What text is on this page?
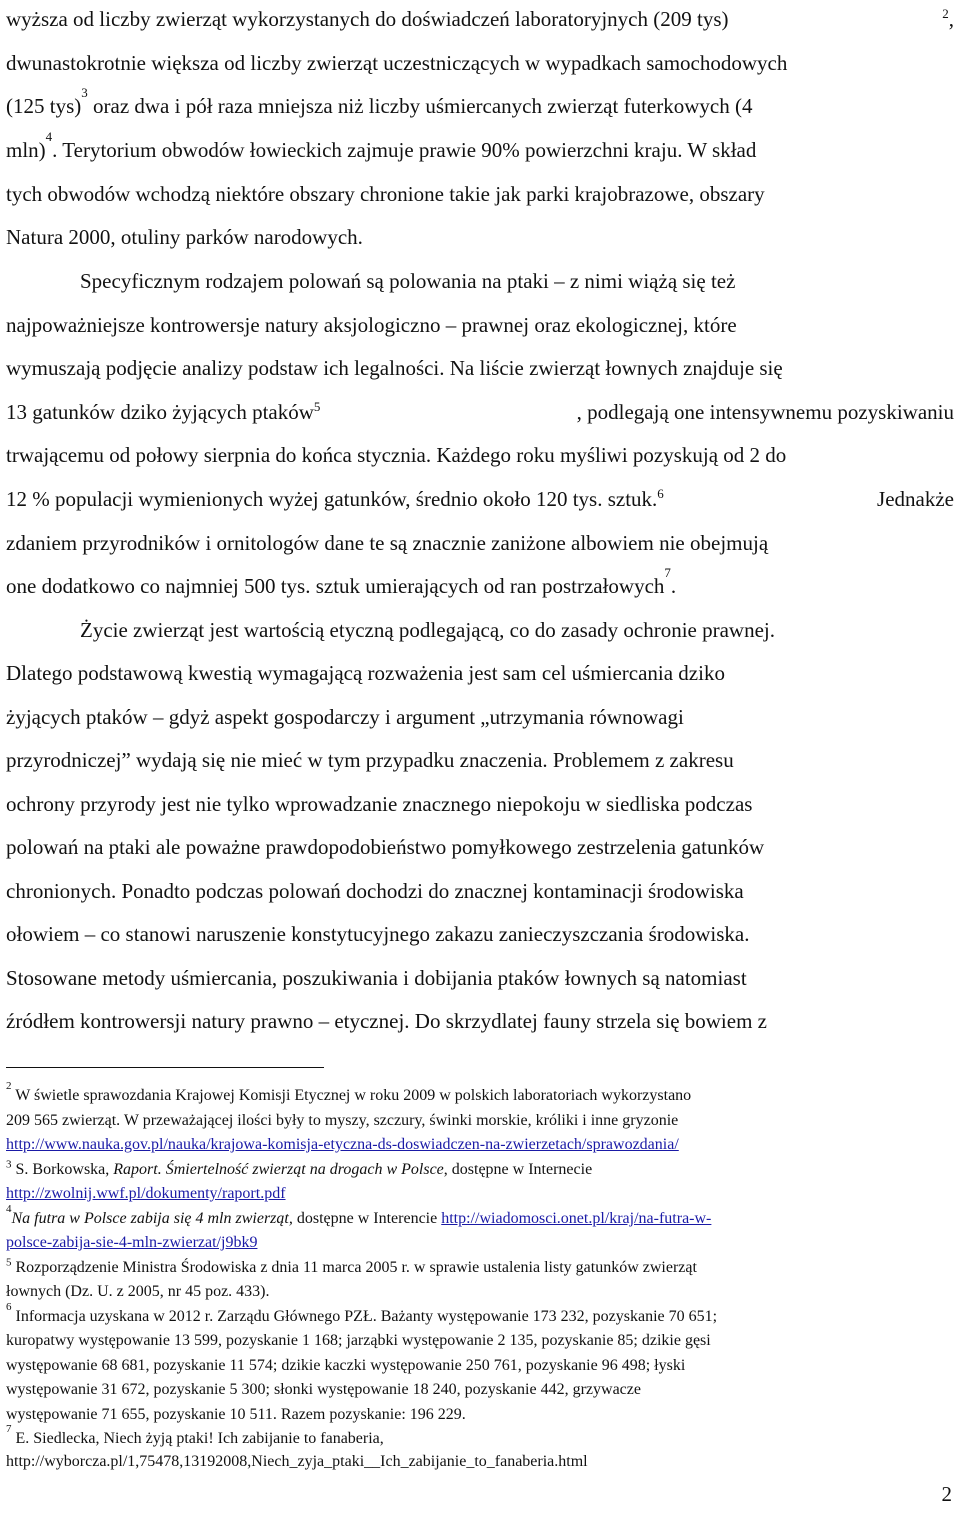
wyższa od liczby zwierząt wykorzystanych do doświadczeń laboratoryjnych (209 tys)	$^2$,
dwunastokrotnie większa od liczby zwierząt uczestniczących w wypadkach samochodowych
(125 tys)
3
oraz dwa i pół raza mniejsza niż liczby uśmiercanych zwierząt futerkowych (4
mln)
4
. Terytorium obwodów łowieckich zajmuje prawie 90% powierzchni kraju. W skład
tych obwodów wchodzą niektóre obszary chronione takie jak parki krajobrazowe, obszary
Natura 2000, otuliny parków narodowych.
Specyficznym rodzajem polowań są polowania na ptaki – z nimi wiążą się też
najpoważniejsze kontrowersje natury aksjologiczno – prawnej oraz ekologicznej, które
wymuszają podjęcie analizy podstaw ich legalności. Na liście zwierząt łownych znajduje się
13 gatunków dziko żyjących ptaków$^5$	, podlegają one intensywnemu pozyskiwaniu
trwającemu od połowy sierpnia do końca stycznia. Każdego roku myśliwi pozyskują od 2 do
12 % populacji wymienionych wyżej gatunków, średnio około 120 tys. sztuk.$^6$	Jednakże
zdaniem przyrodników i ornitologów dane te są znacznie zaniżone albowiem nie obejmują
one dodatkowo co najmniej 500 tys. sztuk umierających od ran postrzałowych
7
.
Życie zwierząt jest wartością etyczną podlegającą, co do zasady ochronie prawnej.
Dlatego podstawową kwestią wymagającą rozważenia jest sam cel uśmiercania dziko
żyjących ptaków – gdyż aspekt gospodarczy i argument „utrzymania równowagi
przyrodniczej” wydają się nie mieć w tym przypadku znaczenia. Problemem z zakresu
ochrony przyrody jest nie tylko wprowadzanie znacznego niepokoju w siedliska podczas
polowań na ptaki ale poważne prawdopodobieństwo pomyłkowego zestrzelenia gatunków
chronionych. Ponadto podczas polowań dochodzi do znacznej kontaminacji środowiska
ołowiem – co stanowi naruszenie konstytucyjnego zakazu zanieczyszczania środowiska.
Stosowane metody uśmiercania, poszukiwania i dobijania ptaków łownych są natomiast
źródłem kontrowersji natury prawno – etycznej. Do skrzydlatej fauny strzela się bowiem z
2
W świetle sprawozdania Krajowej Komisji Etycznej w roku 2009 w polskich laboratoriach wykorzystano
209 565 zwierząt. W przeważającej ilości były to myszy, szczury, świnki morskie, króliki i inne gryzonie
http://www.nauka.gov.pl/nauka/krajowa-komisja-etyczna-ds-doswiadczen-na-zwierzetach/sprawozdania/
$^3$ S. Borkowska, Raport. Śmiertelność zwierząt na drogach w Polsce, dostępne w Internecie
http://zwolnij.wwf.pl/dokumenty/raport.pdf
4
Na futra w Polsce zabija się 4 mln zwierząt, dostępne w Interencie http://wiadomosci.onet.pl/kraj/na-futra-w-
polsce-zabija-sie-4-mln-zwierzat/j9bk9
$^5$ Rozporządzenie Ministra Środowiska z dnia 11 marca 2005 r. w sprawie ustalenia listy gatunków zwierząt
łownych (Dz. U. z 2005, nr 45 poz. 433).
6
Informacja uzyskana w 2012 r. Zarządu Głównego PZŁ. Bażanty występowanie 173 232, pozyskanie 70 651;
kuropatwy występowanie 13 599, pozyskanie 1 168; jarząbki występowanie 2 135, pozyskanie 85; dzikie gęsi
występowanie 68 681, pozyskanie 11 574; dzikie kaczki występowanie 250 761, pozyskanie 96 498; łyski
występowanie 31 672, pozyskanie 5 300; słonki występowanie 18 240, pozyskanie 442, grzywacze
występowanie 71 655, pozyskanie 10 511. Razem pozyskanie: 196 229.
7
E. Siedlecka, Niech żyją ptaki! Ich zabijanie to fanaberia,
http://wyborcza.pl/1,75478,13192008,Niech_zyja_ptaki__Ich_zabijanie_to_fanaberia.html
2
